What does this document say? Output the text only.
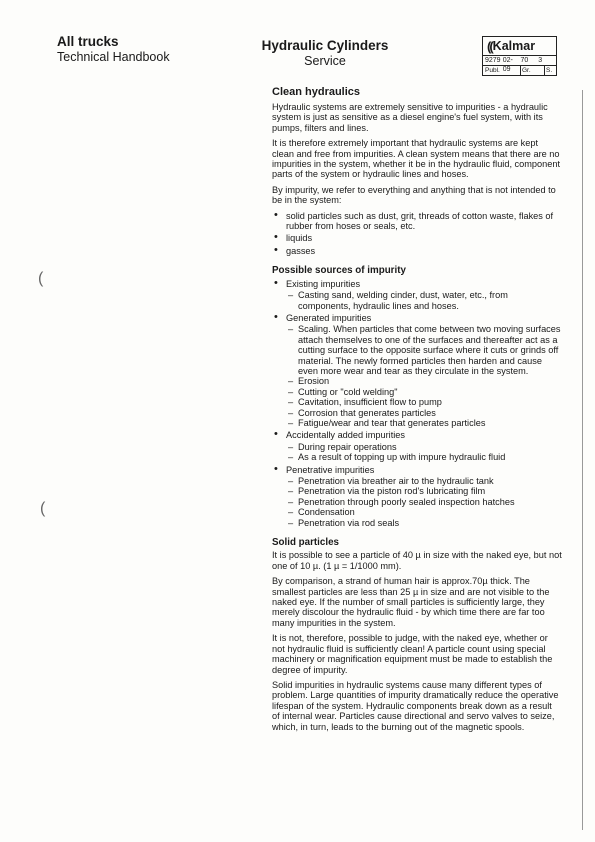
All trucks
Technical Handbook
Hydraulic Cylinders
Service
(( Kalmar
9279 02-09
70	3
Publ.	Gr.	S.
Clean hydraulics

Hydraulic systems are extremely sensitive to impurities - a hydraulic system is just as sensitive as a diesel engine's fuel system, with its pumps, filters and lines.

It is therefore extremely important that hydraulic systems are kept clean and free from impurities. A clean system means that there are no impurities in the system, whether it be in the hydraulic fluid, component parts of the system or hydraulic lines and hoses.

By impurity, we refer to everything and anything that is not intended to be in the system:

• solid particles such as dust, grit, threads of cotton waste, flakes of rubber from hoses or seals, etc.
• liquids
• gasses
Possible sources of impurity
• Existing impurities
– Casting sand, welding cinder, dust, water, etc., from components, hydraulic lines and hoses.
• Generated impurities
– Scaling. When particles that come between two moving surfaces attach themselves to one of the surfaces and thereafter act as a cutting surface to the opposite surface where it cuts or grinds off material. The newly formed particles then harden and cause even more wear and tear as they circulate in the system.
– Erosion
– Cutting or "cold welding"
– Cavitation, insufficient flow to pump
– Corrosion that generates particles
– Fatigue/wear and tear that generates particles
• Accidentally added impurities
– During repair operations
– As a result of topping up with impure hydraulic fluid
• Penetrative impurities
– Penetration via breather air to the hydraulic tank
– Penetration via the piston rod's lubricating film
– Penetration through poorly sealed inspection hatches
– Condensation
– Penetration via rod seals
Solid particles

It is possible to see a particle of 40 µ in size with the naked eye, but not one of 10 µ. (1 µ = 1/1000 mm).

By comparison, a strand of human hair is approx.70µ thick. The smallest particles are less than 25 µ in size and are not visible to the naked eye. If the number of small particles is sufficiently large, they merely discolour the hydraulic fluid - by which time there are far too many impurities in the system.

It is not, therefore, possible to judge, with the naked eye, whether or not hydraulic fluid is sufficiently clean! A particle count using special machinery or magnification equipment must be made to establish the degree of impurity.

Solid impurities in hydraulic systems cause many different types of problem. Large quantities of impurity dramatically reduce the operative lifespan of the system. Hydraulic components break down as a result of internal wear. Particles cause directional and servo valves to seize, which, in turn, leads to the burning out of the magnetic spools.

(
(
